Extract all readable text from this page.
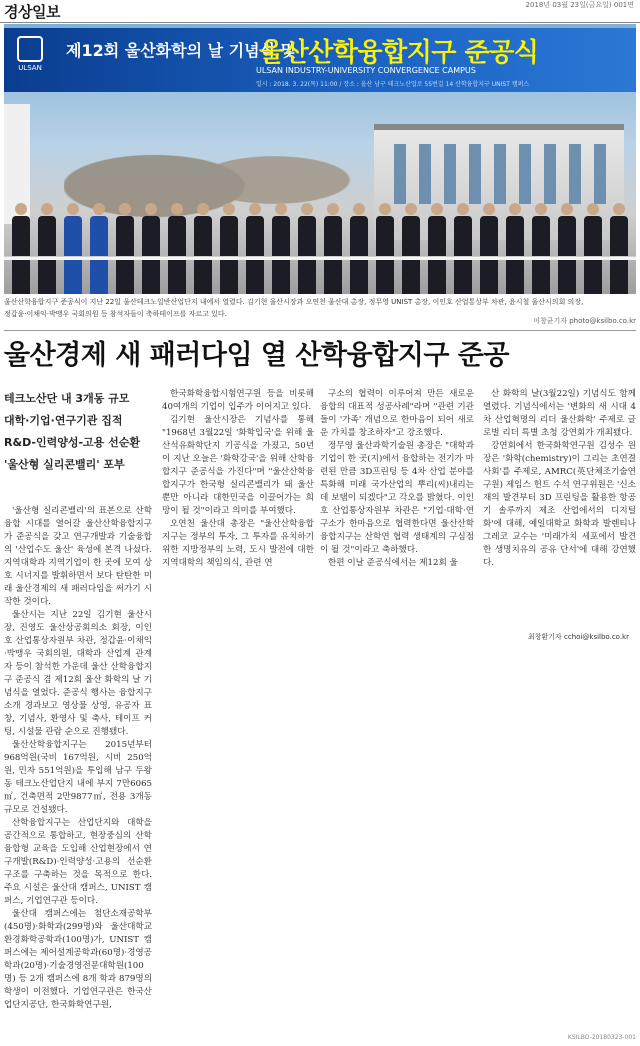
경상일보	2018년 03월 23일(금요일) 001면
ULSAN
제12회 울산화학의 날 기념식 및
울산산학융합지구 준공식
ULSAN INDUSTRY-UNIVERSITY CONVERGENCE CAMPUS
일시 : 2018. 3. 22(목) 11:00 / 장소 : 울산 남구 테크노산업로 55번길 14 산학융합지구 UNIST 캠퍼스
울산산학융합지구 준공식이 지난 22일 울산테크노일반산업단지 내에서 열렸다. 김기현 울산시장과 오연천 울산대 총장, 정무영 UNIST 총장, 이인호 산업통상부 차관, 윤시철 울산시의회 의장,
정갑윤·이채익·박맹우 국회의원 등 참석자들이 축하테이프를 자르고 있다.
이창균기자 photo@ksilbo.co.kr
울산경제 새 패러다임 열 산학융합지구 준공
테크노산단 내 3개동 규모
대학·기업·연구기관 집적
R&D-인력양성-고용 선순환
'울산형 실리콘밸리' 포부

'울산형 실리콘밸리'의 표본으로 산학융합 시대를 열어갈 울산산학융합지구가 준공식을 갖고 연구개발과 기술융합의 '산업수도 울산' 육성에 본격 나섰다. 지역대학과 지역기업이 한 곳에 모여 상호 시너지를 발휘하면서 보다 탄탄한 미래 울산경제의 새 패러다임을 써가기 시작한 것이다.

울산시는 지난 22일 김기현 울산시장, 진영도 울산상공회의소 회장, 이인호 산업통상자원부 차관, 정갑윤·이채익·박맹우 국회의원, 대학과 산업계 관계자 등이 참석한 가운데 울산 산학융합지구 준공식 겸 제12회 울산 화학의 날 기념식을 열었다. 준공식 행사는 융합지구 소개 경과보고 영상물 상영, 유공자 표창, 기념사, 환영사 및 축사, 테이프 커팅, 시설물 관람 순으로 진행됐다.

울산산학융합지구는 2015년부터 968억원(국비 167억원, 시비 250억원, 민자 551억원)을 투입해 남구 두왕동 테크노산업단지 내에 부지 7만6065㎡, 건축면적 2만9877㎡, 전용 3개동 규모로 건설됐다.

산학융합지구는 산업단지와 대학을 공간적으로 통합하고, 현장중심의 산학융합형 교육을 도입해 산업현장에서 연구개발(R&D)·인력양성·고용의 선순환 구조를 구축하는 것을 목적으로 한다. 주요 시설은 울산대 캠퍼스, UNIST 캠퍼스, 기업연구관 등이다.

울산대 캠퍼스에는 첨단소재공학부(450명)·화학과(299명)와 울산대학교 환경화학공학과(100명)가, UNIST 캠퍼스에는 제어설계공학과(60명)·경영공학과(20명)·기술경영전문대학원(100명) 등 2개 캠퍼스에 8개 학과 879명의 학생이 이전했다. 기업연구관은 한국산업단지공단, 한국화학연구원,

한국화학융합시험연구원 등을 비롯해 40여개의 기업이 입주가 이어지고 있다.

김기현 울산시장은 기념사를 통해 "1968년 3월22일 '화학입국'을 위해 울산석유화학단지 기공식을 가졌고, 50년이 지난 오늘은 '화학강국'을 위해 산학융합지구 준공식을 가진다"며 "울산산학융합지구가 한국형 실리콘밸리가 돼 울산뿐만 아니라 대한민국을 이끌어가는 희망이 될 것"이라고 의미를 부여했다.

오연천 울산대 총장은 "울산산학융합지구는 정부의 투자, 그 투자를 유치하기 위한 지방정부의 노력, 도시 발전에 대한 지역대학의 책임의식, 관련 연

구소의 협력이 이루어져 만든 새로운 융합의 대표적 성공사례"라며 "관련 기관들이 '가족' 개념으로 한마음이 되어 새로운 가치를 창조하자"고 강조했다.

정무영 울산과학기술원 총장은 "대학과 기업이 한 곳(지)에서 융합하는 전기가 마련된 만큼 3D프린팅 등 4차 산업 분야를 특화해 미래 국가산업의 뿌리(씨)내리는데 보탬이 되겠다"고 각오를 밝혔다. 이인호 산업통상자원부 차관은 "기업·대학·연구소가 한마음으로 협력한다면 울산산학융합지구는 산학연 협력 생태계의 구심점이 될 것"이라고 축하했다.

한편 이날 준공식에서는 제12회 울

산 화학의 날(3월22일) 기념식도 함께 열렸다. 기념식에서는 '변화의 새 시대 4차 산업혁명의 리더 울산화학' 주제로 글로벌 리더 특별 초청 강연회가 개최됐다.

강연회에서 한국화학연구원 김성수 원장은 '화학(chemistry)이 그리는 초연결 사회'를 주제로, AMRC(英단체조기술연구원) 제임스 헌트 수석 연구위원은 '신소재의 발견부터 3D 프린팅을 활용한 항공기 솔루까지 제조 산업에서의 디지털화'에 대해, 예일대학교 화학과 발렌티나 그레코 교수는 '미래가치 세포에서 발견한 생명치유의 공유 단서'에 대해 강연했다.

최창환기자 cchoi@ksilbo.co.kr
KSILBO-20180323-001
